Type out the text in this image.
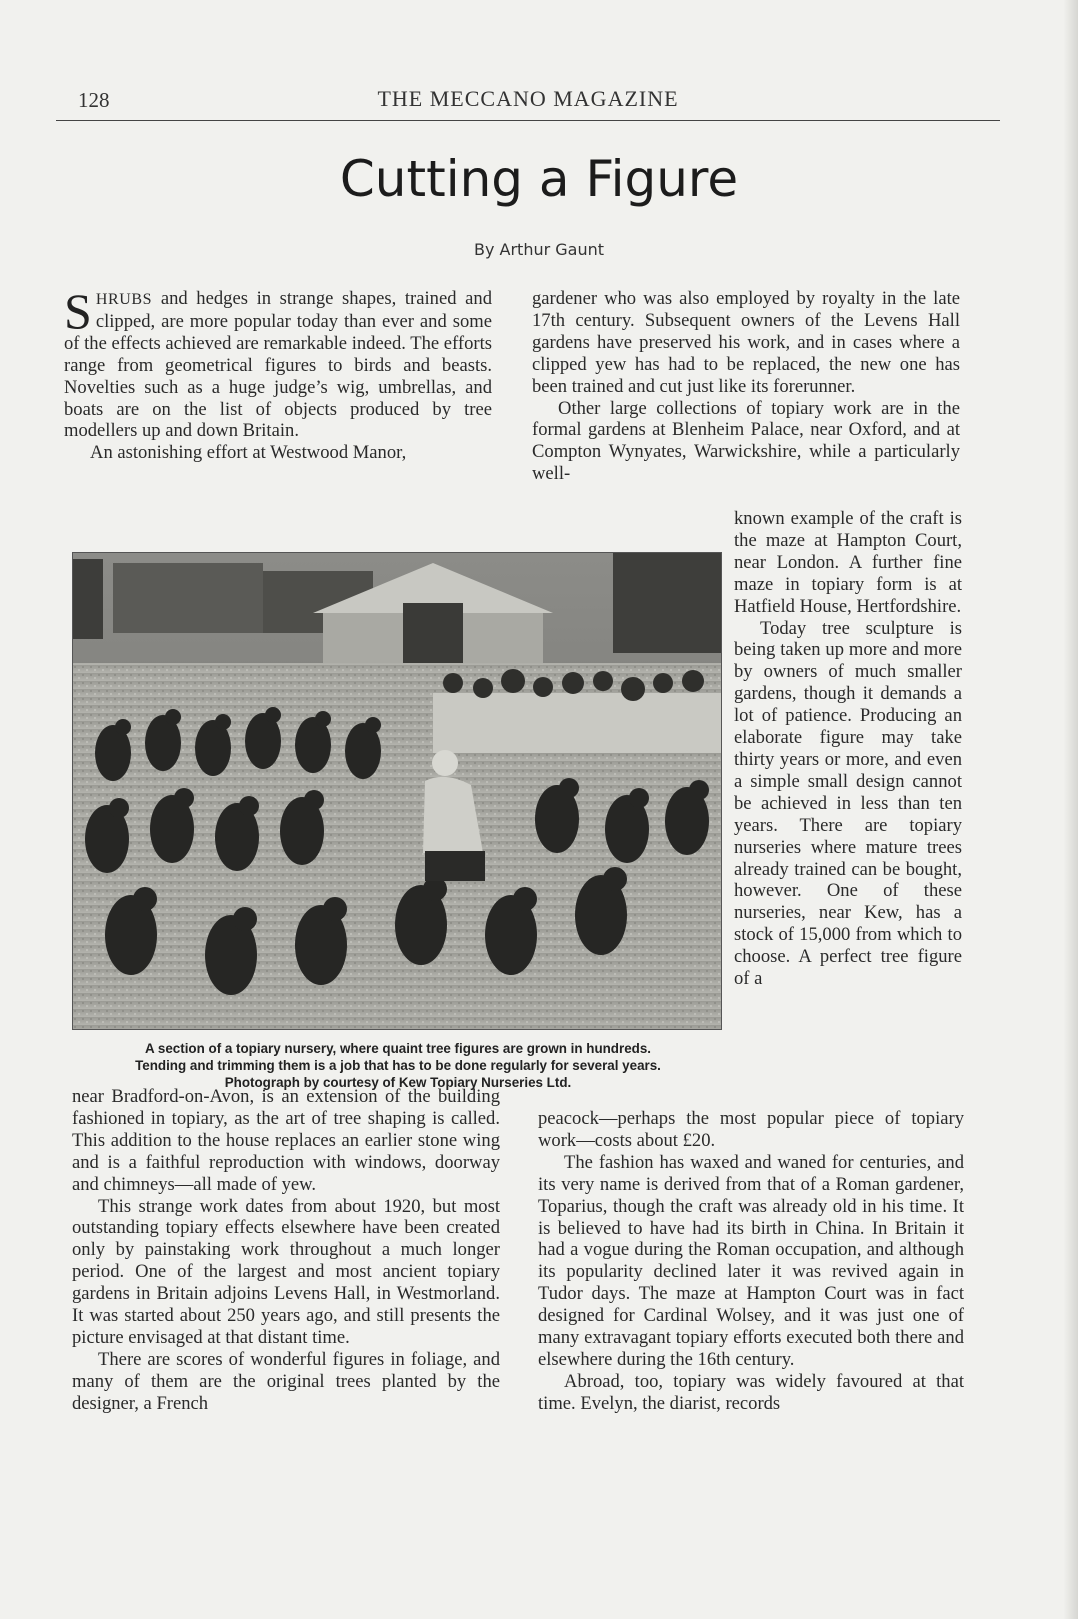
128	THE MECCANO MAGAZINE
Cutting a Figure
By Arthur Gaunt

SHRUBS and hedges in strange shapes, trained and clipped, are more popular today than ever and some of the effects achieved are remarkable indeed. The efforts range from geometrical figures to birds and beasts. Novelties such as a huge judge’s wig, umbrellas, and boats are on the list of objects produced by tree modellers up and down Britain.

An astonishing effort at Westwood Manor,

gardener who was also employed by royalty in the late 17th century. Subsequent owners of the Levens Hall gardens have preserved his work, and in cases where a clipped yew has had to be replaced, the new one has been trained and cut just like its forerunner.

Other large collections of topiary work are in the formal gardens at Blenheim Palace, near Oxford, and at Compton Wynyates, Warwickshire, while a particularly well-

known example of the craft is the maze at Hampton Court, near London. A further fine maze in topiary form is at Hatfield House, Hertfordshire.

Today tree sculpture is being taken up more and more by owners of much smaller gardens, though it demands a lot of patience. Producing an elaborate figure may take thirty years or more, and even a simple small design cannot be achieved in less than ten years. There are topiary nurseries where mature trees already trained can be bought, however. One of these nurseries, near Kew, has a stock of 15,000 from which to choose. A perfect tree figure of a

A section of a topiary nursery, where quaint tree figures are grown in hundreds.

Tending and trimming them is a job that has to be done regularly for several years.

Photograph by courtesy of Kew Topiary Nurseries Ltd.

near Bradford-on-Avon, is an extension of the building fashioned in topiary, as the art of tree shaping is called. This addition to the house replaces an earlier stone wing and is a faithful reproduction with windows, doorway and chimneys—all made of yew.

This strange work dates from about 1920, but most outstanding topiary effects elsewhere have been created only by painstaking work throughout a much longer period. One of the largest and most ancient topiary gardens in Britain adjoins Levens Hall, in Westmorland. It was started about 250 years ago, and still presents the picture envisaged at that distant time.

There are scores of wonderful figures in foliage, and many of them are the original trees planted by the designer, a French

peacock—perhaps the most popular piece of topiary work—costs about £20.

The fashion has waxed and waned for centuries, and its very name is derived from that of a Roman gardener, Toparius, though the craft was already old in his time. It is believed to have had its birth in China. In Britain it had a vogue during the Roman occupation, and although its popularity declined later it was revived again in Tudor days. The maze at Hampton Court was in fact designed for Cardinal Wolsey, and it was just one of many extravagant topiary efforts executed both there and elsewhere during the 16th century.

Abroad, too, topiary was widely favoured at that time. Evelyn, the diarist, records
